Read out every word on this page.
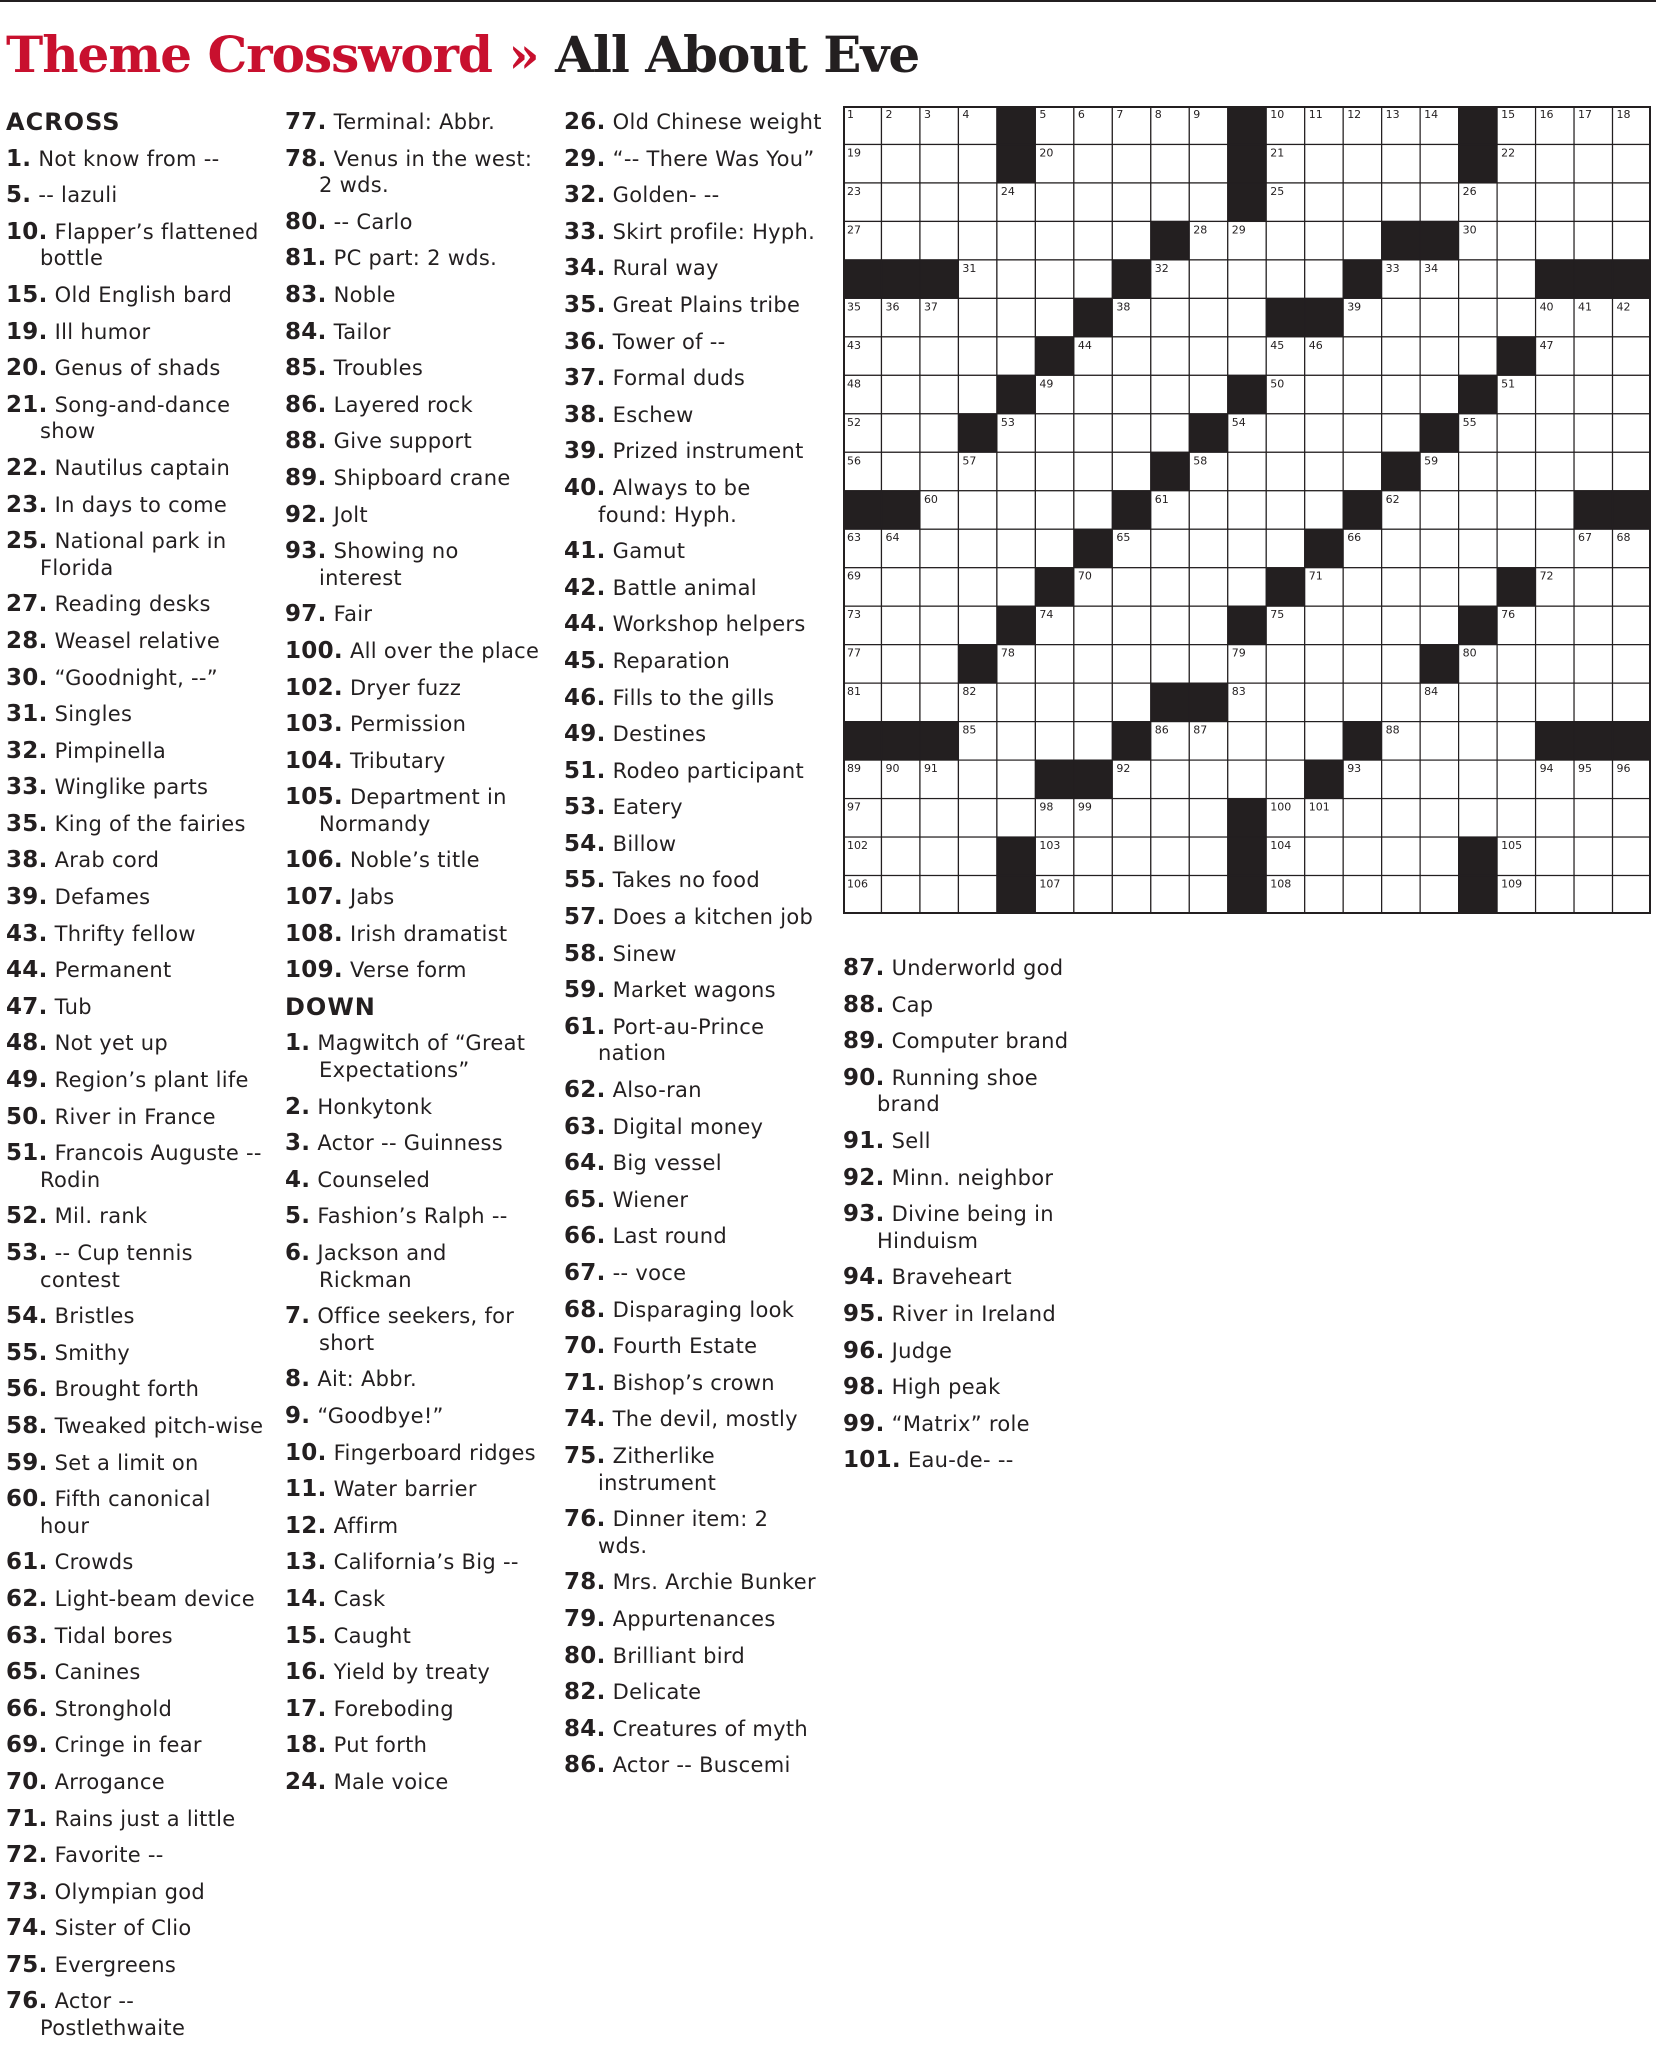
Theme Crossword » All About Eve
1	2	3	4	5	6	7	8	9	10 11 12 13 14	15 16 17 18
19	20	21	22
23	24	25	26
27	28 29	30
31	32	33 34
35 36 37	38	39	40 41 42
43	44	45 46	47
48	49	50	51
52	53	54	55
56	57	58	59
60	61	62
63 64	65	66	67 68
69	70	71	72
73	74	75	76
77	78	79	80
81	82	83	84
85	86 87	88
89 90 91	92	93	94 95 96
97	98 99	100 101
102	103	104	105
106	107	108	109
ACROSS
1. Not know from --
5. -- lazuli
10. Flapper’s flattened bottle
15. Old English bard
19. Ill humor
20. Genus of shads
21. Song-and-dance show
22. Nautilus captain
23. In days to come
25. National park in Florida
27. Reading desks
28. Weasel relative
30. “Goodnight, --”
31. Singles
32. Pimpinella
33. Winglike parts
35. King of the fairies
38. Arab cord
39. Defames
43. Thrifty fellow
44. Permanent
47. Tub
48. Not yet up
49. Region’s plant life
50. River in France
51. Francois Auguste -- Rodin
52. Mil. rank
53. -- Cup tennis contest
54. Bristles
55. Smithy
56. Brought forth
58. Tweaked pitch-wise
59. Set a limit on
60. Fifth canonical hour
61. Crowds
62. Light-beam device
63. Tidal bores
65. Canines
66. Stronghold
69. Cringe in fear
70. Arrogance
71. Rains just a little
72. Favorite --
73. Olympian god
74. Sister of Clio
75. Evergreens
76. Actor -- Postlethwaite
77. Terminal: Abbr.
78. Venus in the west: 2 wds.
80. -- Carlo
81. PC part: 2 wds.
83. Noble
84. Tailor
85. Troubles
86. Layered rock
88. Give support
89. Shipboard crane
92. Jolt
93. Showing no interest
97. Fair
100. All over the place
102. Dryer fuzz
103. Permission
104. Tributary
105. Department in Normandy
106. Noble’s title
107. Jabs
108. Irish dramatist
109. Verse form
DOWN
1. Magwitch of “Great Expectations”
2. Honkytonk
3. Actor -- Guinness
4. Counseled
5. Fashion’s Ralph --
6. Jackson and Rickman
7. Office seekers, for short
8. Ait: Abbr.
9. “Goodbye!”
10. Fingerboard ridges
11. Water barrier
12. Affirm
13. California’s Big --
14. Cask
15. Caught
16. Yield by treaty
17. Foreboding
18. Put forth
24. Male voice
26. Old Chinese weight
29. “-- There Was You”
32. Golden- --
33. Skirt profile: Hyph.
34. Rural way
35. Great Plains tribe
36. Tower of --
37. Formal duds
38. Eschew
39. Prized instrument
40. Always to be found: Hyph.
41. Gamut
42. Battle animal
44. Workshop helpers
45. Reparation
46. Fills to the gills
49. Destines
51. Rodeo participant
53. Eatery
54. Billow
55. Takes no food
57. Does a kitchen job
58. Sinew
59. Market wagons
61. Port-au-Prince nation
62. Also-ran
63. Digital money
64. Big vessel
65. Wiener
66. Last round
67. -- voce
68. Disparaging look
70. Fourth Estate
71. Bishop’s crown
74. The devil, mostly
75. Zitherlike instrument
76. Dinner item: 2 wds.
78. Mrs. Archie Bunker
79. Appurtenances
80. Brilliant bird
82. Delicate
84. Creatures of myth
86. Actor -- Buscemi
87. Underworld god
88. Cap
89. Computer brand
90. Running shoe brand
91. Sell
92. Minn. neighbor
93. Divine being in Hinduism
94. Braveheart
95. River in Ireland
96. Judge
98. High peak
99. “Matrix” role
101. Eau-de- --
